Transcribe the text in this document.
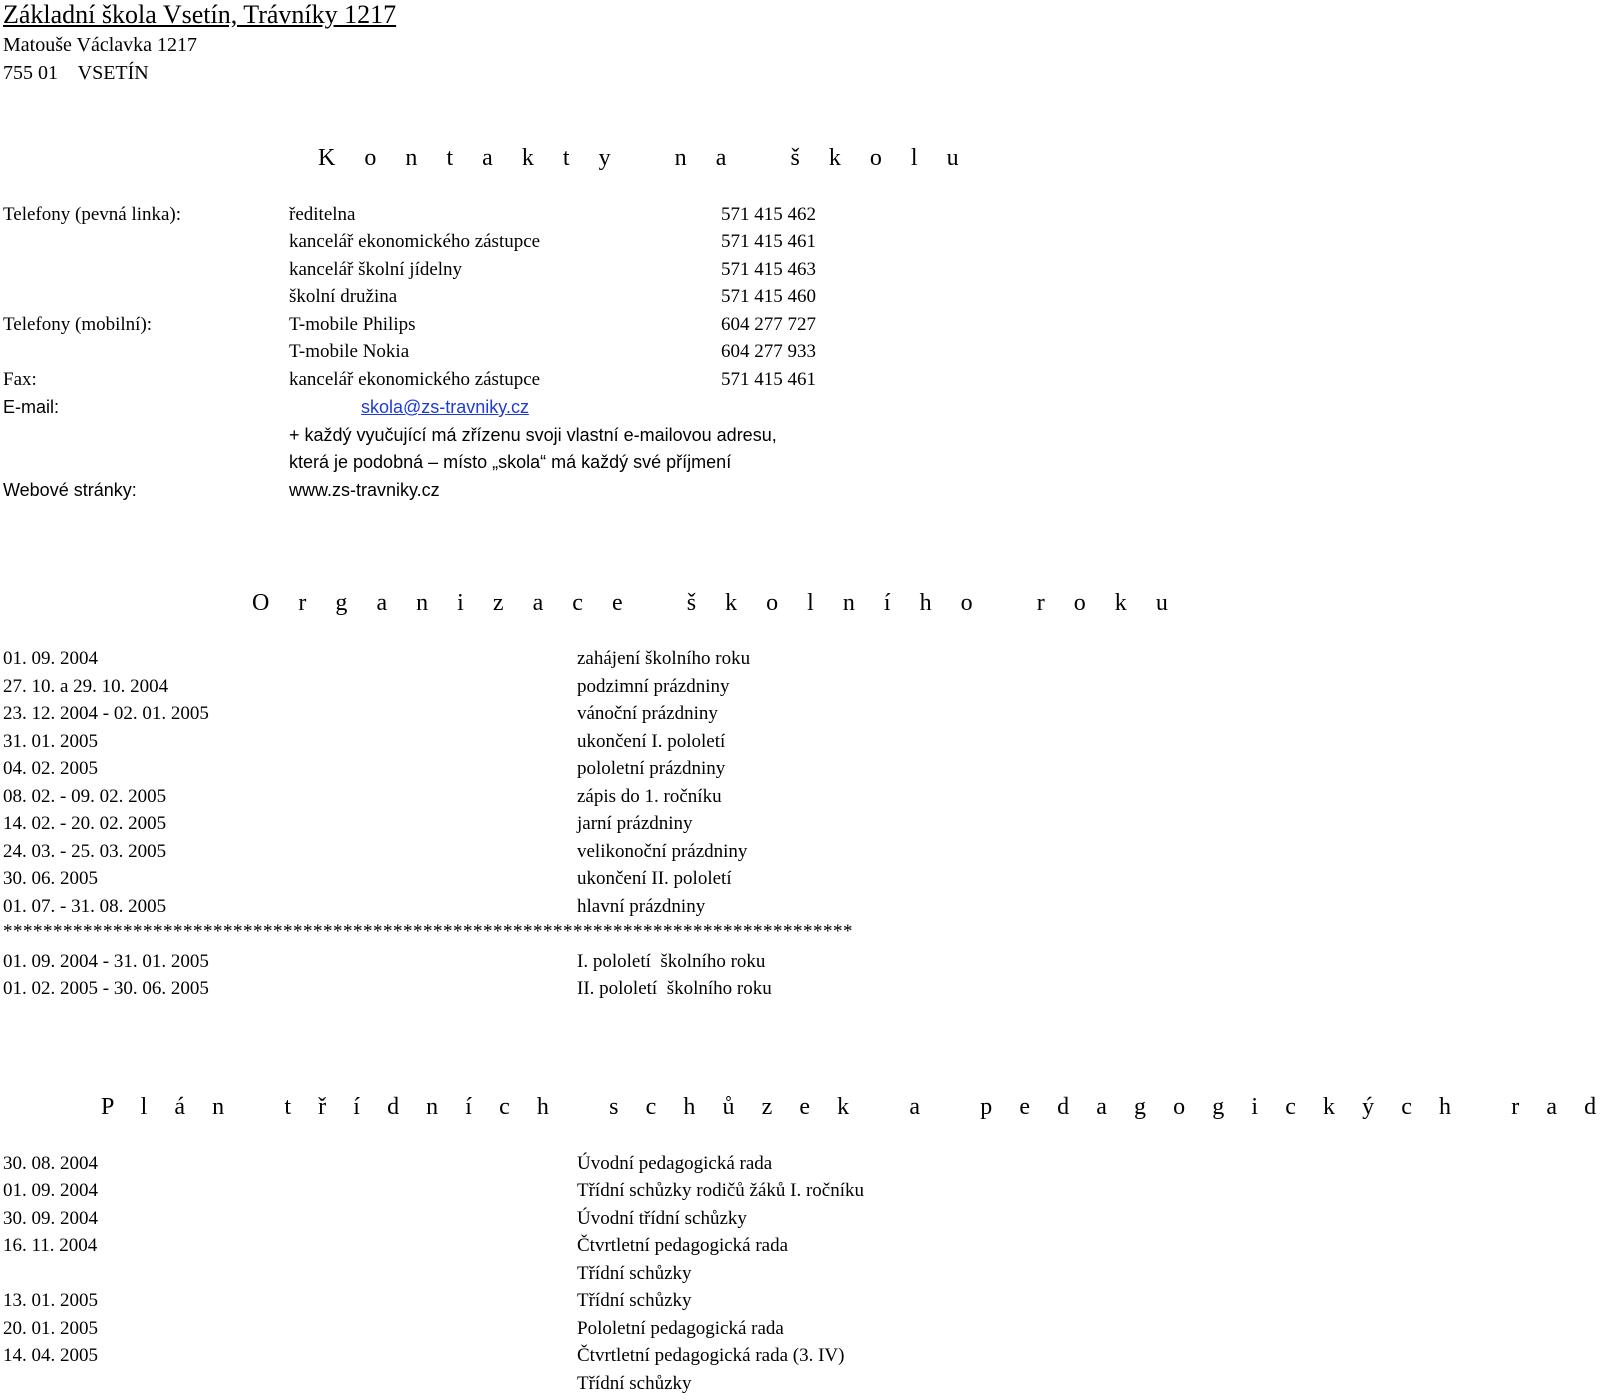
Základní škola Vsetín, Trávníky 1217
Matouše Václavka 1217
755 01    VSETÍN
K o n t a k t y   n a   š k o l u
Telefony (pevná linka):	ředitelna	571 415 462
kancelář ekonomického zástupce	571 415 461
kancelář školní jídelny	571 415 463
školní družina	571 415 460
Telefony (mobilní):	T-mobile Philips	604 277 727
T-mobile Nokia	604 277 933
Fax:	kancelář ekonomického zástupce	571 415 461
E-mail:	skola@zs-travniky.cz
+ každý vyučující má zřízenu svoji vlastní e-mailovou adresu,
která je podobná – místo „skola“ má každý své příjmení
Webové stránky:	www.zs-travniky.cz
O r g a n i z a c e   š k o l n í h o   r o k u
01. 09. 2004	zahájení školního roku
27. 10. a 29. 10. 2004	podzimní prázdniny
23. 12. 2004 - 02. 01. 2005	vánoční prázdniny
31. 01. 2005	ukončení I. pololetí
04. 02. 2005	pololetní prázdniny
08. 02. - 09. 02. 2005	zápis do 1. ročníku
14. 02. - 20. 02. 2005	jarní prázdniny
24. 03. - 25. 03. 2005	velikonoční prázdniny
30. 06. 2005	ukončení II. pololetí
01. 07. - 31. 08. 2005	hlavní prázdniny
*************************************************************************************
01. 09. 2004 - 31. 01. 2005	I. pololetí  školního roku
01. 02. 2005 - 30. 06. 2005	II. pololetí  školního roku
P l á n   t ř í d n í c h   s c h ů z e k   a   p e d a g o g i c k ý c h   r a d
30. 08. 2004	Úvodní pedagogická rada
01. 09. 2004	Třídní schůzky rodičů žáků I. ročníku
30. 09. 2004	Úvodní třídní schůzky
16. 11. 2004	Čtvrtletní pedagogická rada
Třídní schůzky
13. 01. 2005	Třídní schůzky
20. 01. 2005	Pololetní pedagogická rada
14. 04. 2005	Čtvrtletní pedagogická rada (3. IV)
Třídní schůzky
